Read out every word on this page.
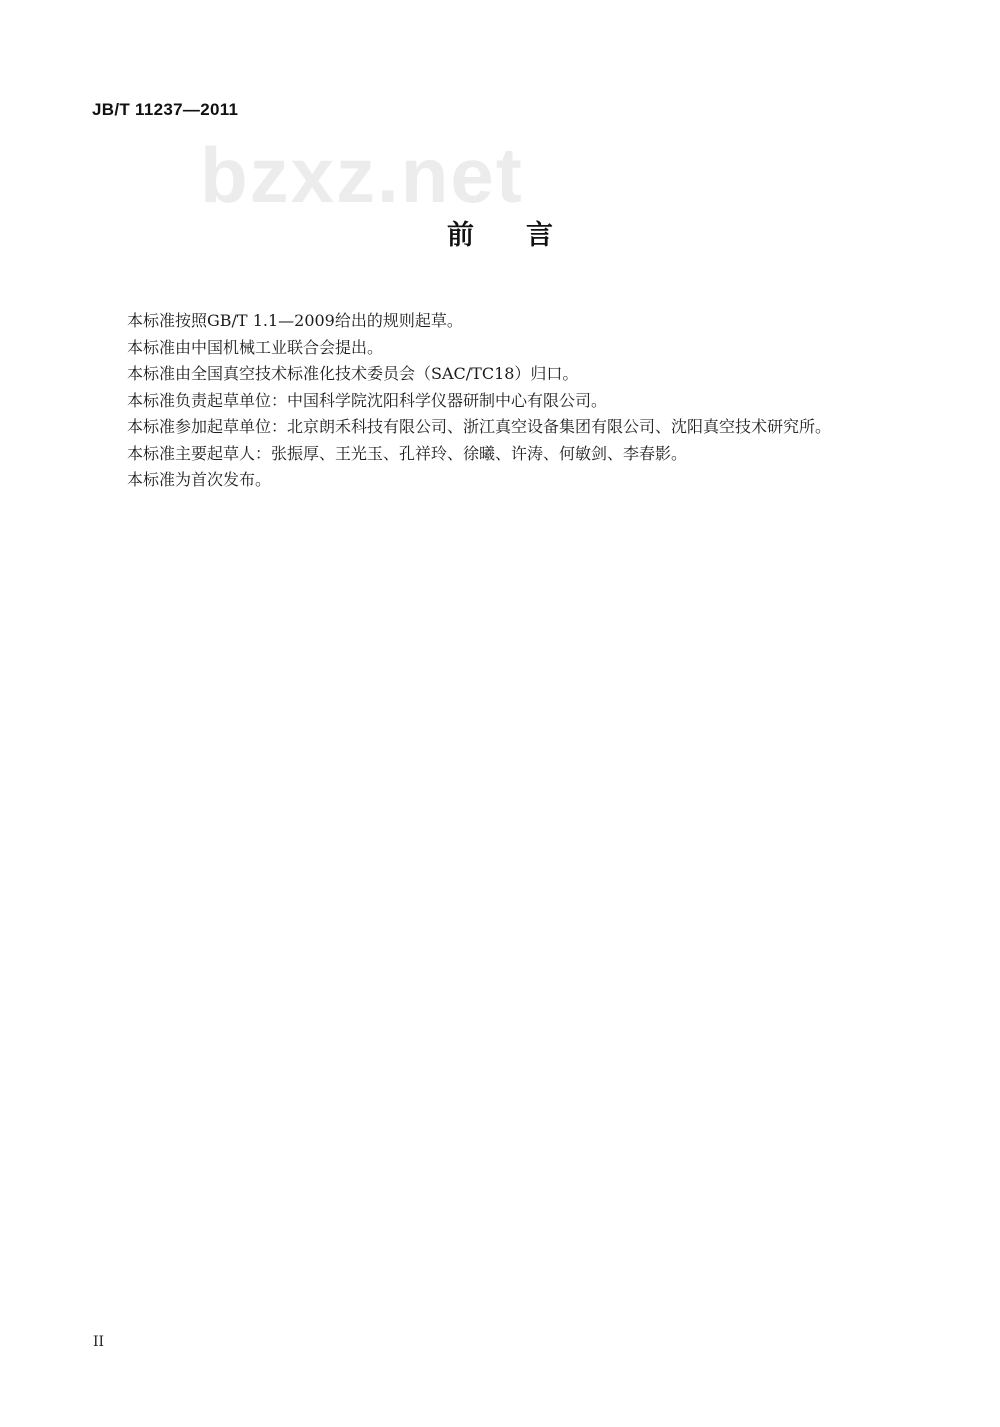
JB/T 11237—2011
bzxz.net
前言
本标准按照GB/T 1.1—2009给出的规则起草。
本标准由中国机械工业联合会提出。
本标准由全国真空技术标准化技术委员会（SAC/TC18）归口。
本标准负责起草单位：中国科学院沈阳科学仪器研制中心有限公司。
本标准参加起草单位：北京朗禾科技有限公司、浙江真空设备集团有限公司、沈阳真空技术研究所。
本标准主要起草人：张振厚、王光玉、孔祥玲、徐曦、许涛、何敏剑、李春影。
本标准为首次发布。
II
